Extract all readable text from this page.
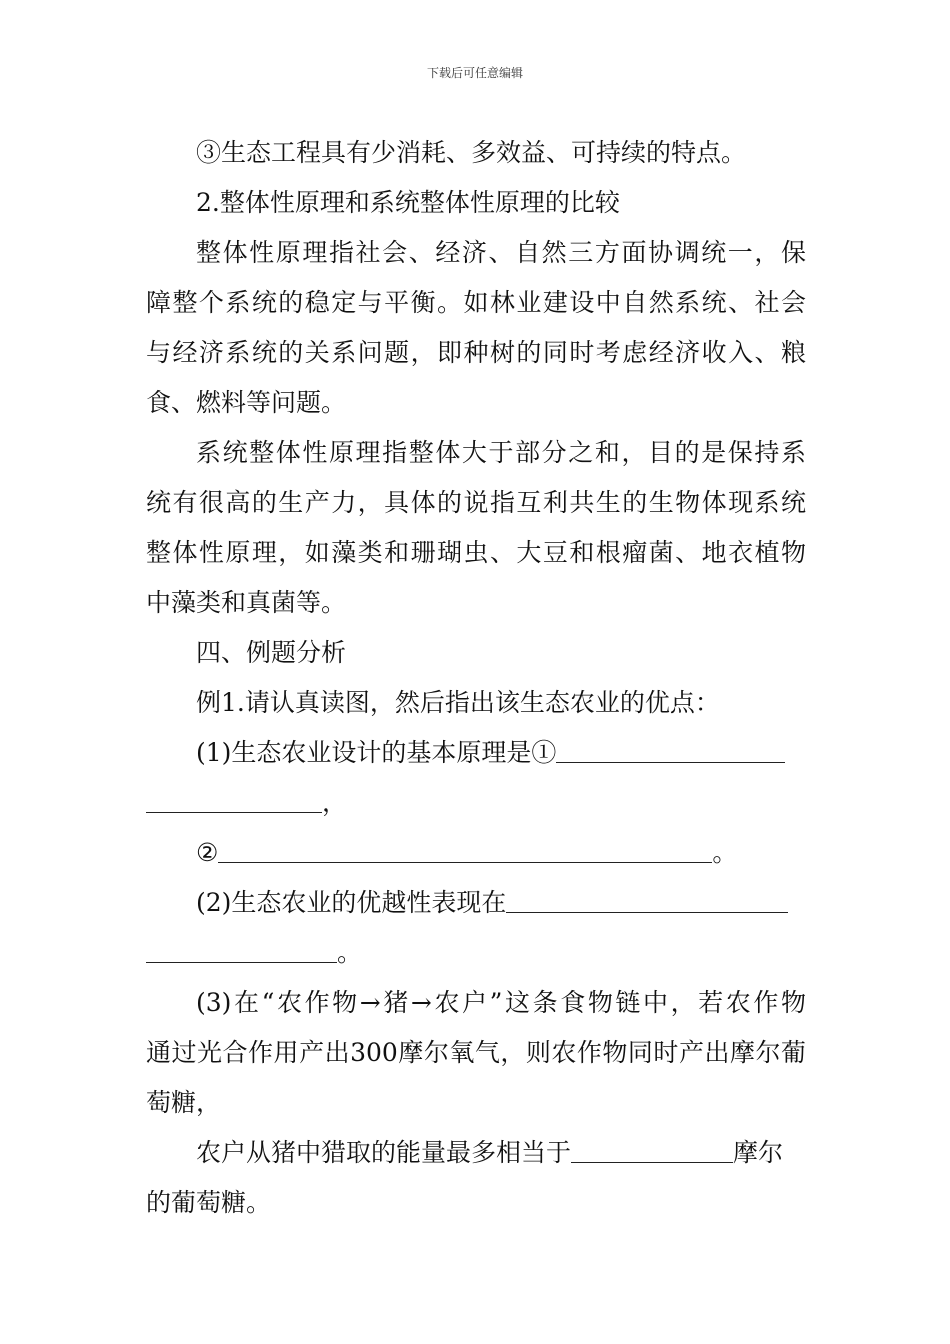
下载后可任意编辑
③生态工程具有少消耗、多效益、可持续的特点。
2.整体性原理和系统整体性原理的比较
整体性原理指社会、经济、自然三方面协调统一，保
障整个系统的稳定与平衡。如林业建设中自然系统、社会
与经济系统的关系问题，即种树的同时考虑经济收入、粮
食、燃料等问题。
系统整体性原理指整体大于部分之和，目的是保持系
统有很高的生产力，具体的说指互利共生的生物体现系统
整体性原理，如藻类和珊瑚虫、大豆和根瘤菌、地衣植物
中藻类和真菌等。
四、例题分析
例1.请认真读图，然后指出该生态农业的优点：
(1)生态农业设计的基本原理是①
，
②	。
(2)生态农业的优越性表现在
。
(3)在“农作物→猪→农户”这条食物链中，若农作物
通过光合作用产出300摩尔氧气，则农作物同时产出摩尔葡
萄糖，
农户从猪中猎取的能量最多相当于	摩尔
的葡萄糖。
